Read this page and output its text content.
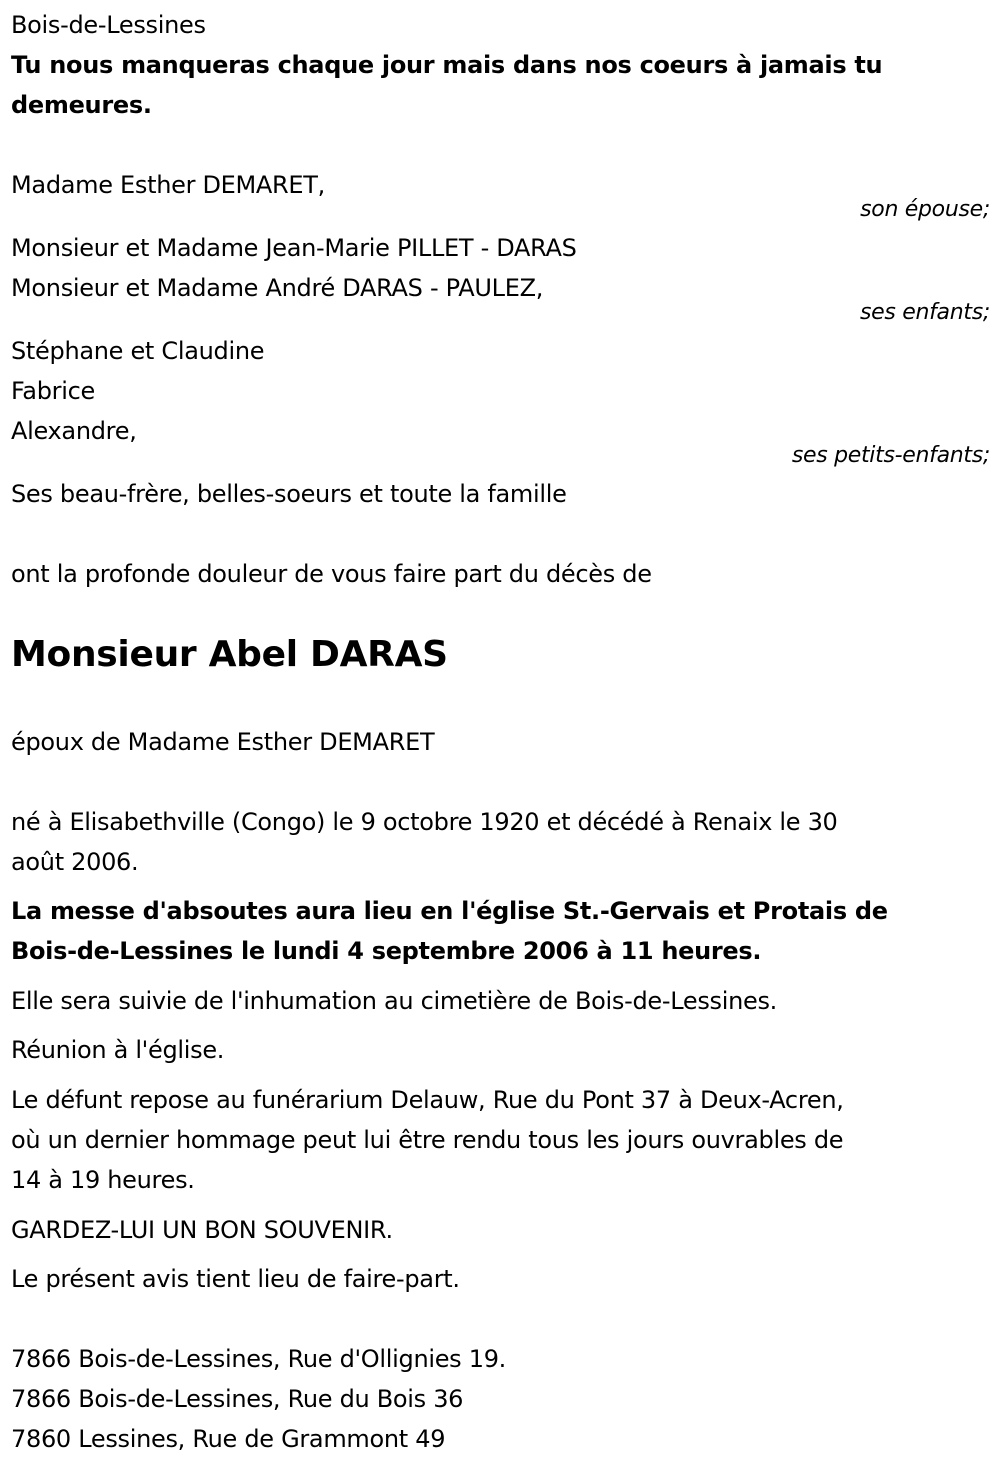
Bois-de-Lessines
Tu nous manqueras chaque jour mais dans nos coeurs à jamais tu
demeures.
Madame Esther DEMARET,
son épouse;
Monsieur et Madame Jean-Marie PILLET - DARAS
Monsieur et Madame André DARAS - PAULEZ,
ses enfants;
Stéphane et Claudine
Fabrice
Alexandre,
ses petits-enfants;
Ses beau-frère, belles-soeurs et toute la famille
ont la profonde douleur de vous faire part du décès de
Monsieur Abel DARAS
époux de Madame Esther DEMARET
né à Elisabethville (Congo) le 9 octobre 1920 et décédé à Renaix le 30
août 2006.
La messe d'absoutes aura lieu en l'église St.-Gervais et Protais de
Bois-de-Lessines le lundi 4 septembre 2006 à 11 heures.
Elle sera suivie de l'inhumation au cimetière de Bois-de-Lessines.
Réunion à l'église.
Le défunt repose au funérarium Delauw, Rue du Pont 37 à Deux-Acren,
où un dernier hommage peut lui être rendu tous les jours ouvrables de
14 à 19 heures.
GARDEZ-LUI UN BON SOUVENIR.
Le présent avis tient lieu de faire-part.
7866 Bois-de-Lessines, Rue d'Ollignies 19.
7866 Bois-de-Lessines, Rue du Bois 36
7860 Lessines, Rue de Grammont 49
